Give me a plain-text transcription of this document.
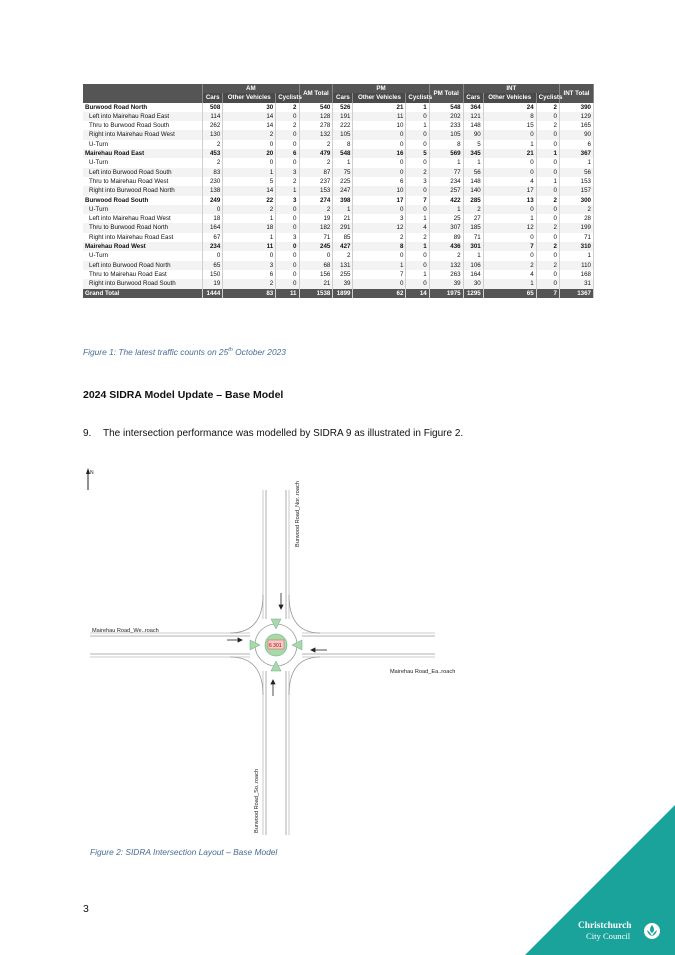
	AM			AM Total	PM			PM Total	INT			INT Total
	Cars	Other Vehicles	Cyclists		Cars	Other Vehicles	Cyclists		Cars	Other Vehicles	Cyclists	
Burwood Road North	508	30	2	540	526	21	1	548	364	24	2	390
Left into Mairehau Road East	114	14	0	128	191	11	0	202	121	8	0	129
Thru to Burwood Road South	262	14	2	278	222	10	1	233	148	15	2	165
Right into Mairehau Road West	130	2	0	132	105	0	0	105	90	0	0	90
U-Turn	2	0	0	2	8	0	0	8	5	1	0	6
Mairehau Road East	453	20	6	479	548	16	5	569	345	21	1	367
U-Turn	2	0	0	2	1	0	0	1	1	0	0	1
Left into Burwood Road South	83	1	3	87	75	0	2	77	56	0	0	56
Thru to Mairehau Road West	230	5	2	237	225	6	3	234	148	4	1	153
Right into Burwood Road North	138	14	1	153	247	10	0	257	140	17	0	157
Burwood Road South	249	22	3	274	398	17	7	422	285	13	2	300
U-Turn	0	2	0	2	1	0	0	1	2	0	0	2
Left into Mairehau Road West	18	1	0	19	21	3	1	25	27	1	0	28
Thru to Burwood Road North	164	18	0	182	291	12	4	307	185	12	2	199
Right into Mairehau Road East	67	1	3	71	85	2	2	89	71	0	0	71
Mairehau Road West	234	11	0	245	427	8	1	436	301	7	2	310
U-Turn	0	0	0	0	2	0	0	2	1	0	0	1
Left into Burwood Road North	65	3	0	68	131	1	0	132	106	2	2	110
Thru to Mairehau Road East	150	6	0	156	255	7	1	263	164	4	0	168
Right into Burwood Road South	19	2	0	21	39	0	0	39	30	1	0	31
Grand Total	1444	83	11	1538	1899	62	14	1975	1295	65	7	1367
Figure 1: The latest traffic counts on 25th October 2023
2024 SIDRA Model Update – Base Model
9. The intersection performance was modelled by SIDRA 9 as illustrated in Figure 2.
N
6 301
Burwood Road_Nor..roach
Mairehau Road_We..roach
Mairehau Road_Ea..roach
Burwood Road_So..roach
Figure 2: SIDRA Intersection Layout – Base Model
3
Christchurch
City Council
